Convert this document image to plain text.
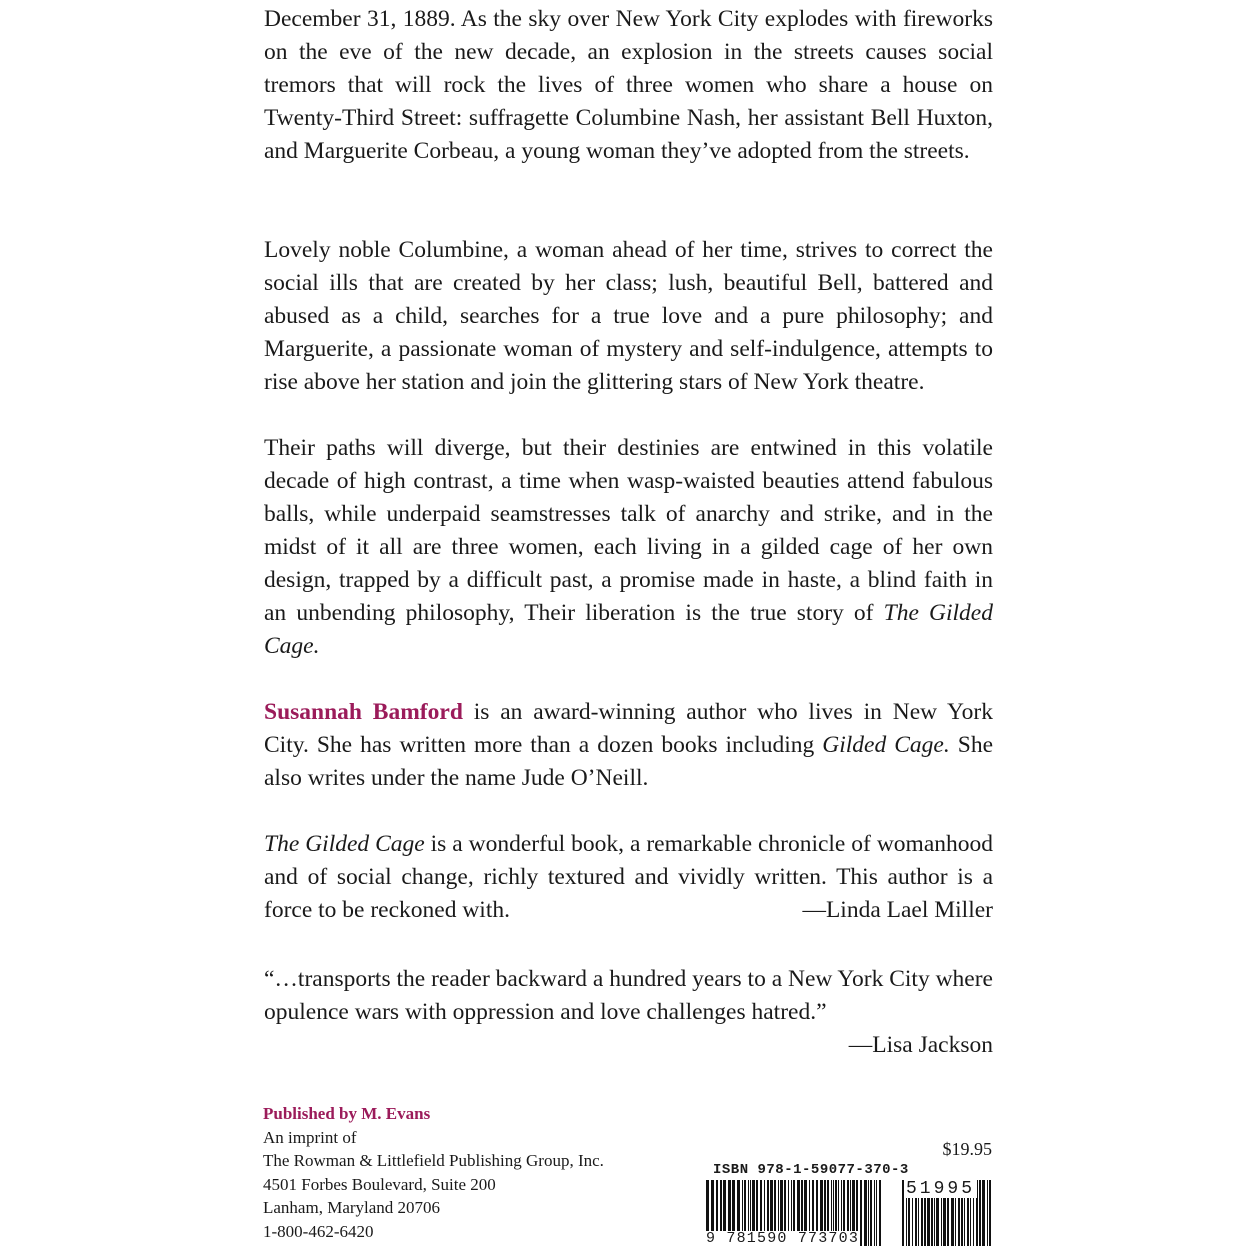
December 31, 1889. As the sky over New York City explodes with fireworks on the eve of the new decade, an explosion in the streets causes social tremors that will rock the lives of three women who share a house on Twenty-Third Street: suffragette Columbine Nash, her assistant Bell Huxton, and Marguerite Corbeau, a young woman they’ve adopted from the streets.

Lovely noble Columbine, a woman ahead of her time, strives to correct the social ills that are created by her class; lush, beautiful Bell, battered and abused as a child, searches for a true love and a pure philosophy; and Marguerite, a passionate woman of mystery and self-indulgence, attempts to rise above her station and join the glittering stars of New York theatre.

Their paths will diverge, but their destinies are entwined in this volatile decade of high contrast, a time when wasp-waisted beauties attend fabulous balls, while underpaid seamstresses talk of anarchy and strike, and in the midst of it all are three women, each living in a gilded cage of her own design, trapped by a difficult past, a promise made in haste, a blind faith in an unbending philosophy, Their liberation is the true story of The Gilded Cage.

Susannah Bamford is an award-winning author who lives in New York City. She has written more than a dozen books including Gilded Cage. She also writes under the name Jude O’Neill.

The Gilded Cage is a wonderful book, a remarkable chronicle of womanhood and of social change, richly textured and vividly written. This author is a force to be reckoned with.	—Linda Lael Miller

“…transports the reader backward a hundred years to a New York City where opulence wars with oppression and love challenges hatred.”

—Lisa Jackson
Published by M. Evans
An imprint of
The Rowman & Littlefield Publishing Group, Inc.
4501 Forbes Boulevard, Suite 200
Lanham, Maryland 20706
1-800-462-6420
$19.95
ISBN 978-1-59077-370-3
51995
9 781590 773703
